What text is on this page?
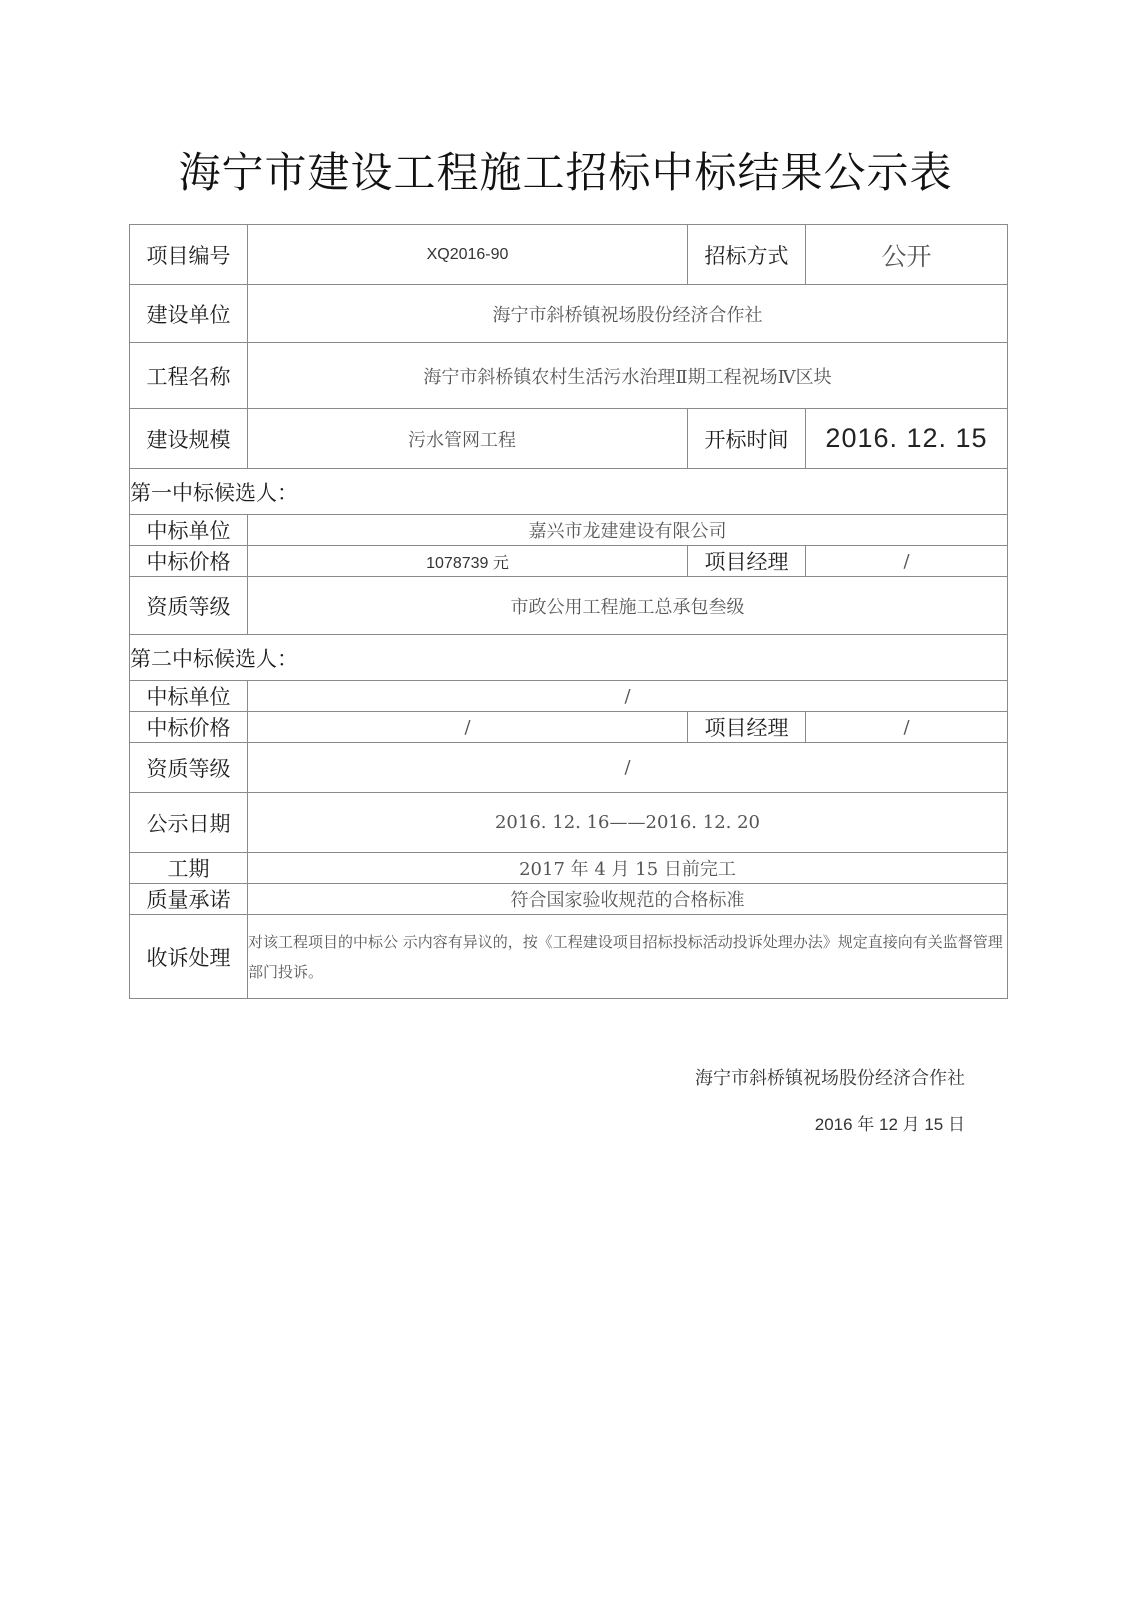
海宁市建设工程施工招标中标结果公示表
项目编号	XQ2016-90	招标方式	公开
建设单位	海宁市斜桥镇祝场股份经济合作社		
工程名称	海宁市斜桥镇农村生活污水治理Ⅱ期工程祝场Ⅳ区块		
建设规模	污水管网工程	开标时间	2016. 12. 15
第一中标候选人：			
中标单位	嘉兴市龙建建设有限公司		
中标价格	1078739 元	项目经理	/
资质等级	市政公用工程施工总承包叁级		
第二中标候选人：			
中标单位	/		
中标价格	/	项目经理	/
资质等级	/		
公示日期	2016. 12. 16——2016. 12. 20		
工期	2017 年 4 月 15 日前完工		
质量承诺	符合国家验收规范的合格标准		
收诉处理	对该工程项目的中标公 示内容有异议的，按《工程建设项目招标投标活动投诉处理办法》规定直接向有关监督管理部门投诉。		
海宁市斜桥镇祝场股份经济合作社
2016 年 12 月 15 日
